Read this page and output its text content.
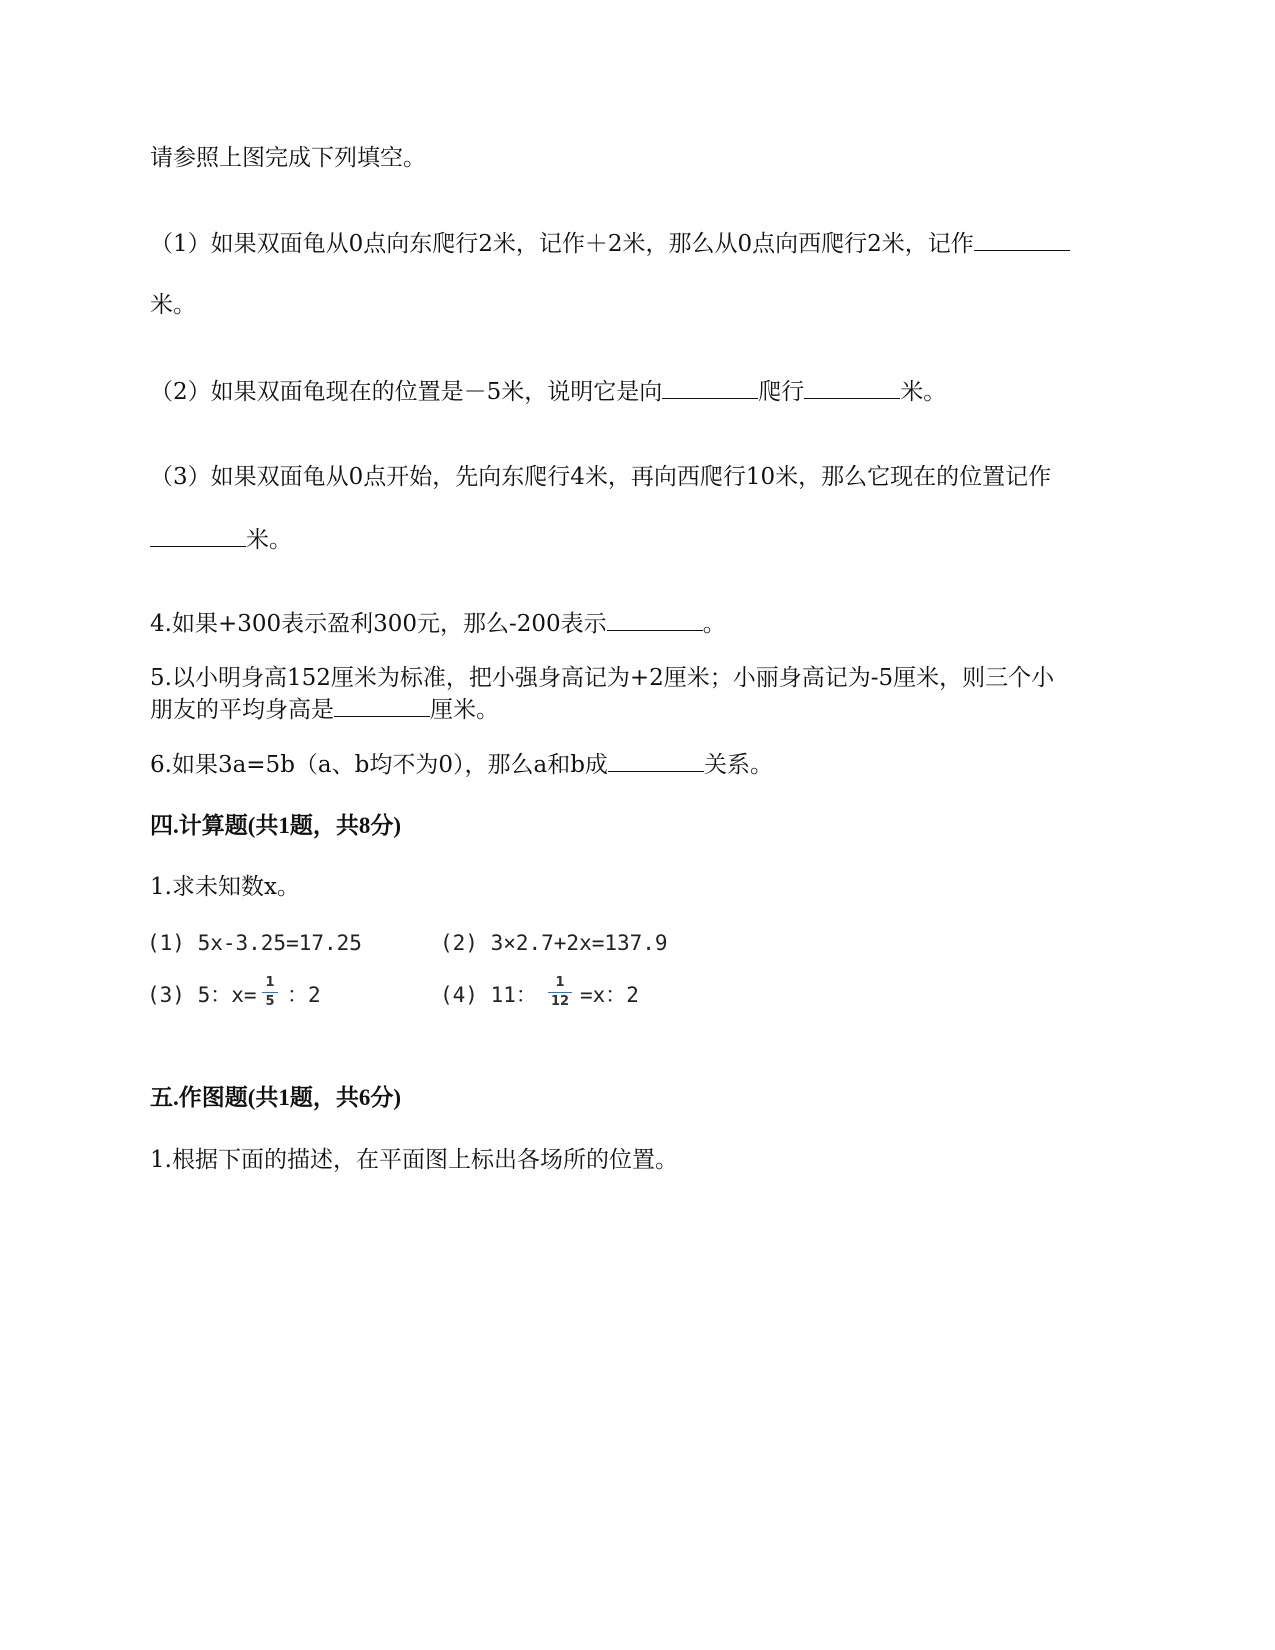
请参照上图完成下列填空。
（1）如果双面龟从0点向东爬行2米，记作＋2米，那么从0点向西爬行2米，记作
米。
（2）如果双面龟现在的位置是－5米，说明它是向	爬行	米。
（3）如果双面龟从0点开始，先向东爬行4米，再向西爬行10米，那么它现在的位置记作
米。
4.如果+300表示盈利300元，那么-200表示	。
5.以小明身高152厘米为标准，把小强身高记为+2厘米；小丽身高记为-5厘米，则三个小
朋友的平均身高是	厘米。
6.如果3a=5b（a、b均不为0），那么a和b成	关系。
四.计算题(共1题，共8分)
1.求未知数x。
(1) 5x-3.25=17.25	(2) 3×2.7+2x=137.9
(3) 5：x=
1
5 ：2	(4) 11：
1
12 =x：2
五.作图题(共1题，共6分)
1.根据下面的描述，在平面图上标出各场所的位置。
